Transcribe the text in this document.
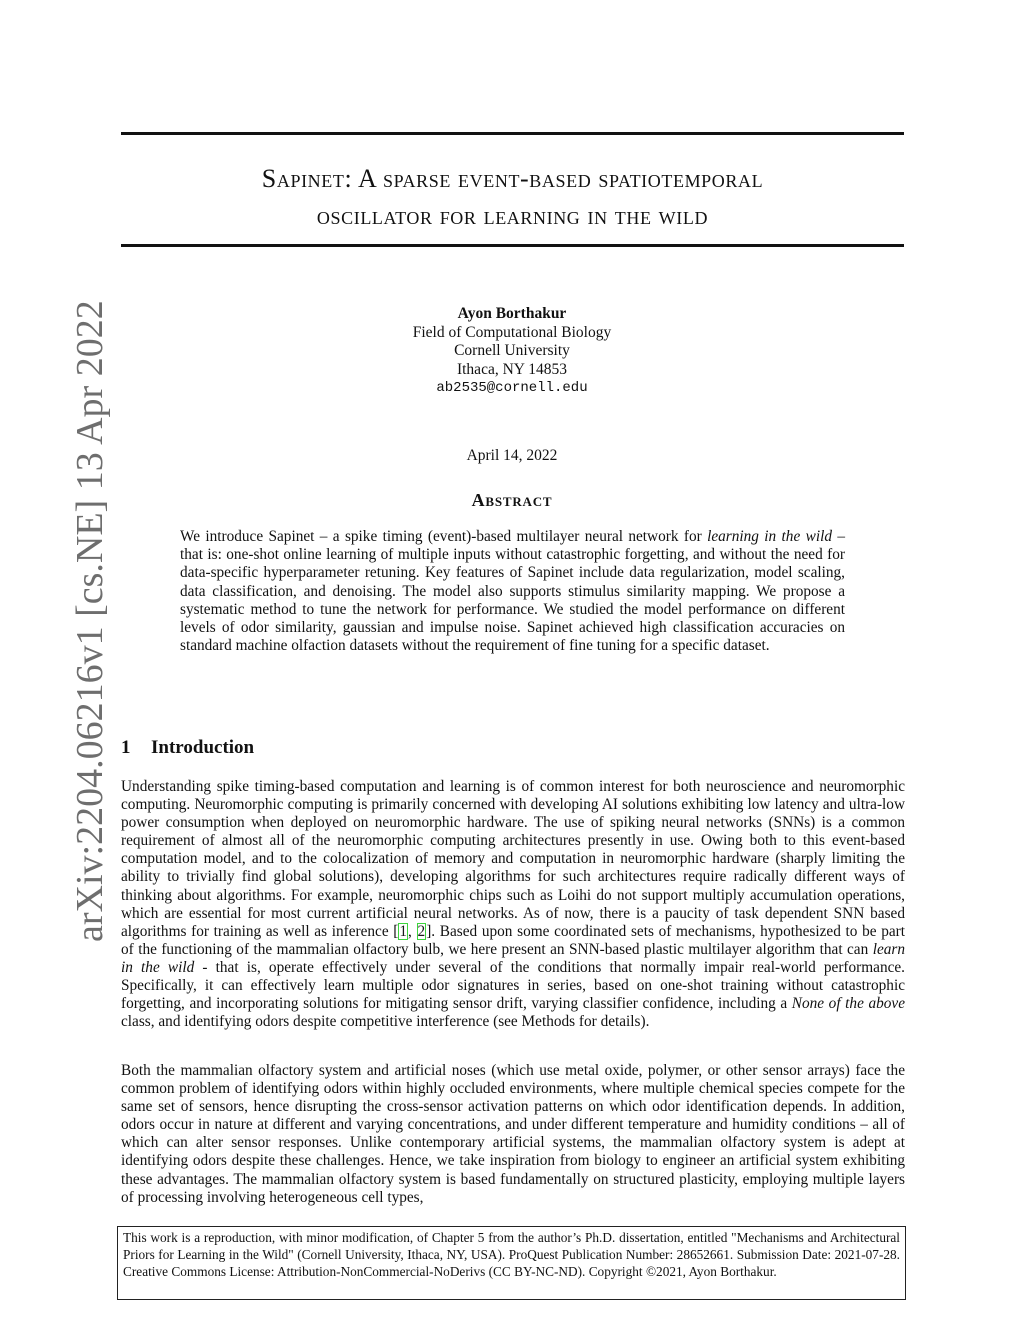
Sapinet: A sparse event-based spatiotemporal
oscillator for learning in the wild
arXiv:2204.06216v1 [cs.NE] 13 Apr 2022	Ayon Borthakur
Field of Computational Biology
Cornell University
Ithaca, NY 14853
ab2535@cornell.edu
April 14, 2022
Abstract
We introduce Sapinet – a spike timing (event)-based multilayer neural network for learning in the wild – that is: one-shot online learning of multiple inputs without catastrophic forgetting, and without the need for data-specific hyperparameter retuning. Key features of Sapinet include data regularization, model scaling, data classification, and denoising. The model also supports stimulus similarity mapping. We propose a systematic method to tune the network for performance. We studied the model performance on different levels of odor similarity, gaussian and impulse noise. Sapinet achieved high classification accuracies on standard machine olfaction datasets without the requirement of fine tuning for a specific dataset.
1 Introduction
Understanding spike timing-based computation and learning is of common interest for both neuroscience and neuromorphic computing. Neuromorphic computing is primarily concerned with developing AI solutions exhibiting low latency and ultra-low power consumption when deployed on neuromorphic hardware. The use of spiking neural networks (SNNs) is a common requirement of almost all of the neuromorphic computing architectures presently in use. Owing both to this event-based computation model, and to the colocalization of memory and computation in neuromorphic hardware (sharply limiting the ability to trivially find global solutions), developing algorithms for such architectures require radically different ways of thinking about algorithms. For example, neuromorphic chips such as Loihi do not support multiply accumulation operations, which are essential for most current artificial neural networks. As of now, there is a paucity of task dependent SNN based algorithms for training as well as inference [1, 2]. Based upon some coordinated sets of mechanisms, hypothesized to be part of the functioning of the mammalian olfactory bulb, we here present an SNN-based plastic multilayer algorithm that can learn in the wild - that is, operate effectively under several of the conditions that normally impair real-world performance. Specifically, it can effectively learn multiple odor signatures in series, based on one-shot training without catastrophic forgetting, and incorporating solutions for mitigating sensor drift, varying classifier confidence, including a None of the above class, and identifying odors despite competitive interference (see Methods for details).
Both the mammalian olfactory system and artificial noses (which use metal oxide, polymer, or other sensor arrays) face the common problem of identifying odors within highly occluded environments, where multiple chemical species compete for the same set of sensors, hence disrupting the cross-sensor activation patterns on which odor identification depends. In addition, odors occur in nature at different and varying concentrations, and under different temperature and humidity conditions – all of which can alter sensor responses. Unlike contemporary artificial systems, the mammalian olfactory system is adept at identifying odors despite these challenges. Hence, we take inspiration from biology to engineer an artificial system exhibiting these advantages. The mammalian olfactory system is based fundamentally on structured plasticity, employing multiple layers of processing involving heterogeneous cell types,
This work is a reproduction, with minor modification, of Chapter 5 from the author’s Ph.D. dissertation, entitled "Mechanisms and Architectural Priors for Learning in the Wild" (Cornell University, Ithaca, NY, USA). ProQuest Publication Number: 28652661. Submission Date: 2021-07-28. Creative Commons License: Attribution-NonCommercial-NoDerivs (CC BY-NC-ND). Copyright ©2021, Ayon Borthakur.
